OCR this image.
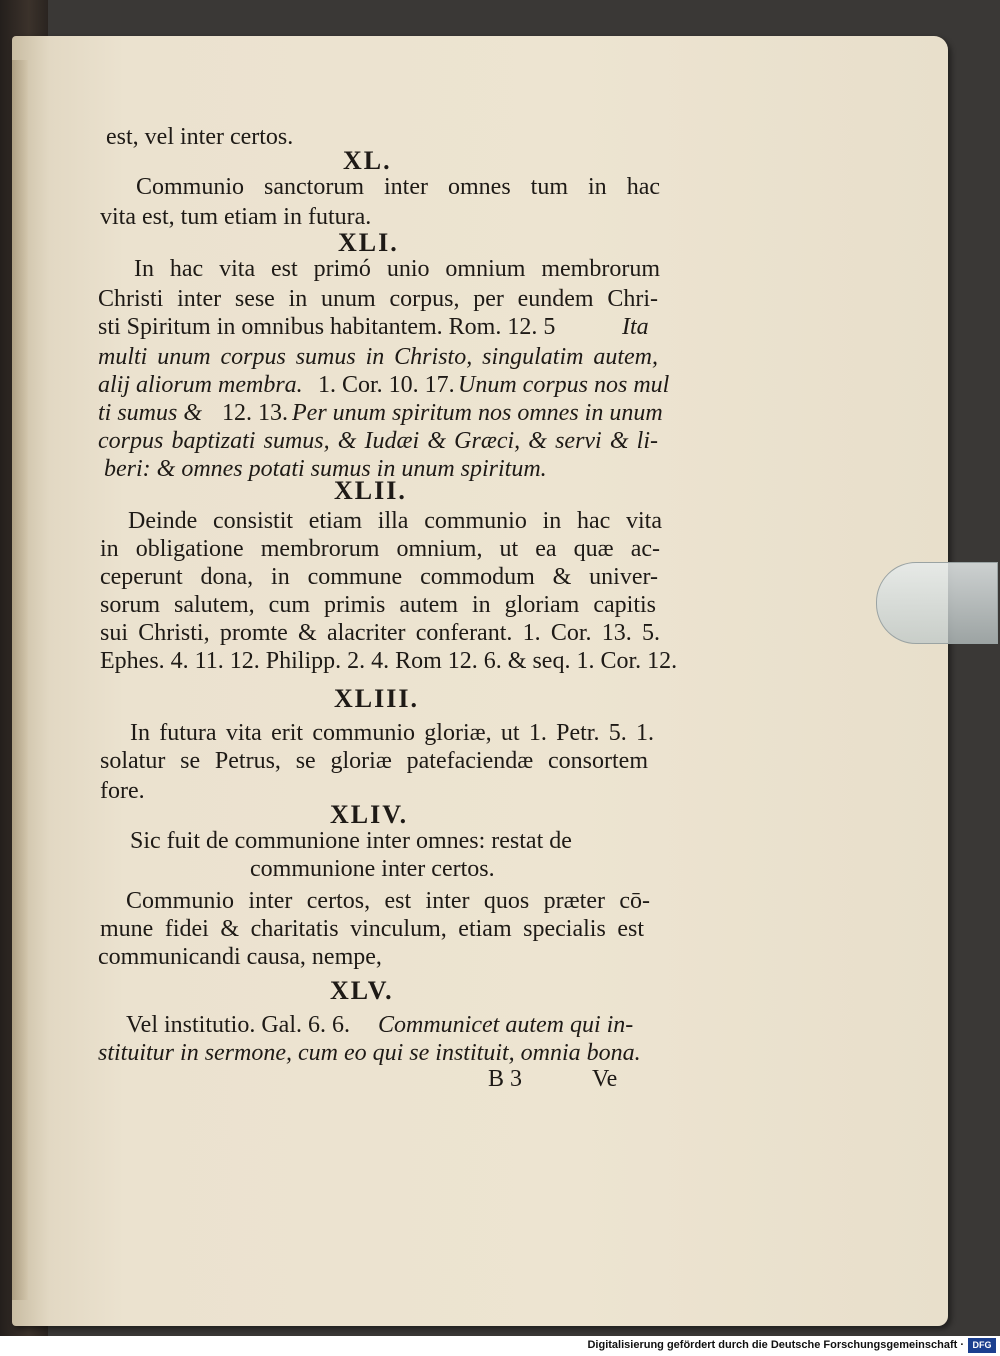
est, vel inter certos.
XL.
Communio sanctorum inter omnes tum in hac
vita est, tum etiam in futura.
XLI.
In hac vita est primó unio omnium membrorum
Christi inter sese in unum corpus, per eundem Chri-
sti Spiritum in omnibus habitantem. Rom. 12. 5	Ita
multi unum corpus sumus in Christo, singulatim autem,
alij aliorum membra. 1. Cor. 10. 17. Unum corpus nos mul
ti sumus & 12. 13. Per unum spiritum nos omnes in unum
corpus baptizati sumus, & Iudæi & Græci, & servi & li-
beri: & omnes potati sumus in unum spiritum.
XLII.
Deinde consistit etiam illa communio in hac vita
in obligatione membrorum omnium, ut ea quæ ac-
ceperunt dona, in commune commodum & univer-
sorum salutem, cum primis autem in gloriam capitis
sui Christi, promte & alacriter conferant. 1. Cor. 13. 5.
Ephes. 4. 11. 12. Philipp. 2. 4. Rom 12. 6. & seq. 1. Cor. 12.
XLIII.
In futura vita erit communio gloriæ, ut 1. Petr. 5. 1.
solatur se Petrus, se gloriæ patefaciendæ consortem
fore.
XLIV.
Sic fuit de communione inter omnes: restat de
communione inter certos.
Communio inter certos, est inter quos præter cō-
mune fidei & charitatis vinculum, etiam specialis est
communicandi causa, nempe,
XLV.
Vel institutio. Gal. 6. 6. Communicet autem qui in-
stituitur in sermone, cum eo qui se instituit, omnia bona.
B 3	Ve
Digitalisierung gefördert durch die Deutsche Forschungsgemeinschaft · DFG
